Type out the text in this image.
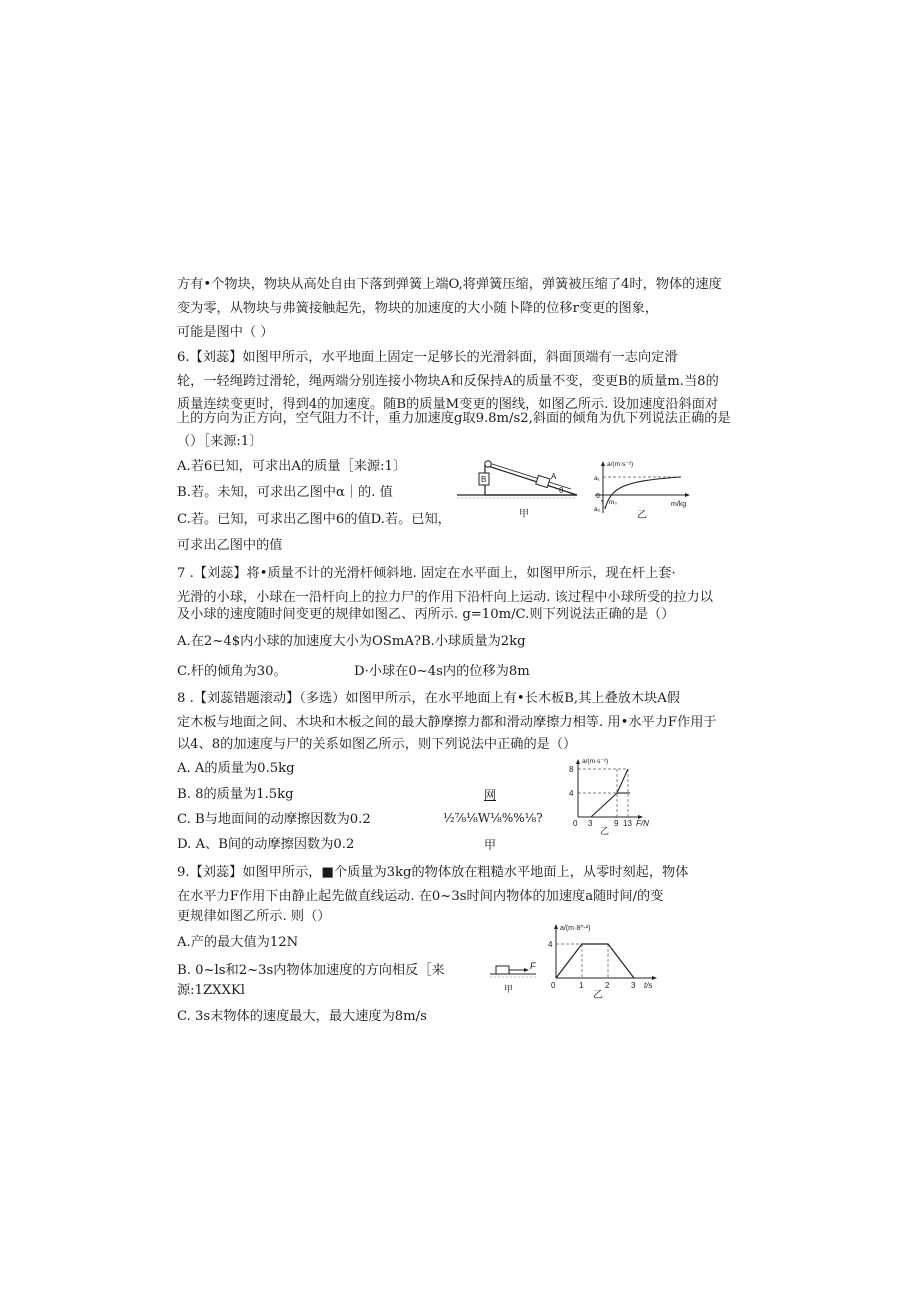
方有•个物块，物块从高处自由下落到弹簧上端O,将弹簧压缩，弹簧被压缩了4时，物体的速度
变为零，从物块与弗簧接触起先，物块的加速度的大小随卜降的位移r变更的图象，
可能是图中（ ）
6.【刘蕊】如图甲所示，水平地面上固定一足够长的光滑斜面，斜面顶端有一志向定滑
轮，一轻绳跨过滑轮，绳两端分别连接小物块A和反保持A的质量不变，变更B的质量m.当8的
质量连续变更时，得到4的加速度。随B的质量M变更的图线，如图乙所示. 设加速度沿斜面对
上的方向为正方向，空气阻力不计，重力加速度g取9.8m∕s2,斜面的倾角为仇下列说法正确的是
（）［来源:1〕
A.若6已知，可求出A的质量［来源:1〕
B.若。未知，可求出乙图中α｜的. 值
C.若。已知，可求出乙图中6的值D.若。已知，
可求出乙图中的值
B	A
θ
甲
a/(m·s⁻²)
m/kg
a₁
a₂
0
m₀
乙
7 .【刘蕊】将•质量不计的光滑杆倾斜地. 固定在水平面上，如图甲所示，现在杆上套·
光滑的小球，小球在一沿杆向上的拉力尸的作用下沿杆向上运动. 该过程中小球所受的拉力以
及小球的速度随时间变更的规律如图乙、丙所示. g=10m∕C.则下列说法正确的是（）
A.在2~4$内小球的加速度大小为OSmA?B.小球质量为2kg
C.杆的倾角为30。	D·小球在0~4s内的位移为8m
8 .【刘蕊错题滚动】（多选）如图甲所示，在水平地面上有•长木板B,其上叠放木块A假
定木板与地面之间、木块和木板之间的最大静摩擦力都和滑动摩擦力相等. 用•水平力F作用于
以4、8的加速度与尸的关系如图乙所示，则下列说法中正确的是（）
A. A的质量为0.5kg
B. 8的质量为1.5kg
C. B与地面间的动摩擦因数为0.2
D. A、B间的动摩擦因数为0.2
网
½⅞⅛W⅛%%⅛?
甲
a/(m·s⁻²)
8
4
0 3	9 13 F/N
乙
9.【刘蕊】如图甲所示，■个质量为3kg的物体放在粗糙水平地面上，从零时刻起，物体
在水平力F作用下由静止起先做直线运动. 在0~3s时间内物体的加速度a随时间/的变
更规律如图乙所示. 则（）
A.产的最大值为12N
B. 0~ls和2~3s内物体加速度的方向相反［来
源:1ZXXKl
C. 3s末物体的速度最大，最大速度为8m∕s
F
甲
a/(m·8^-²)
4
0	1	2	3 t/s
乙
